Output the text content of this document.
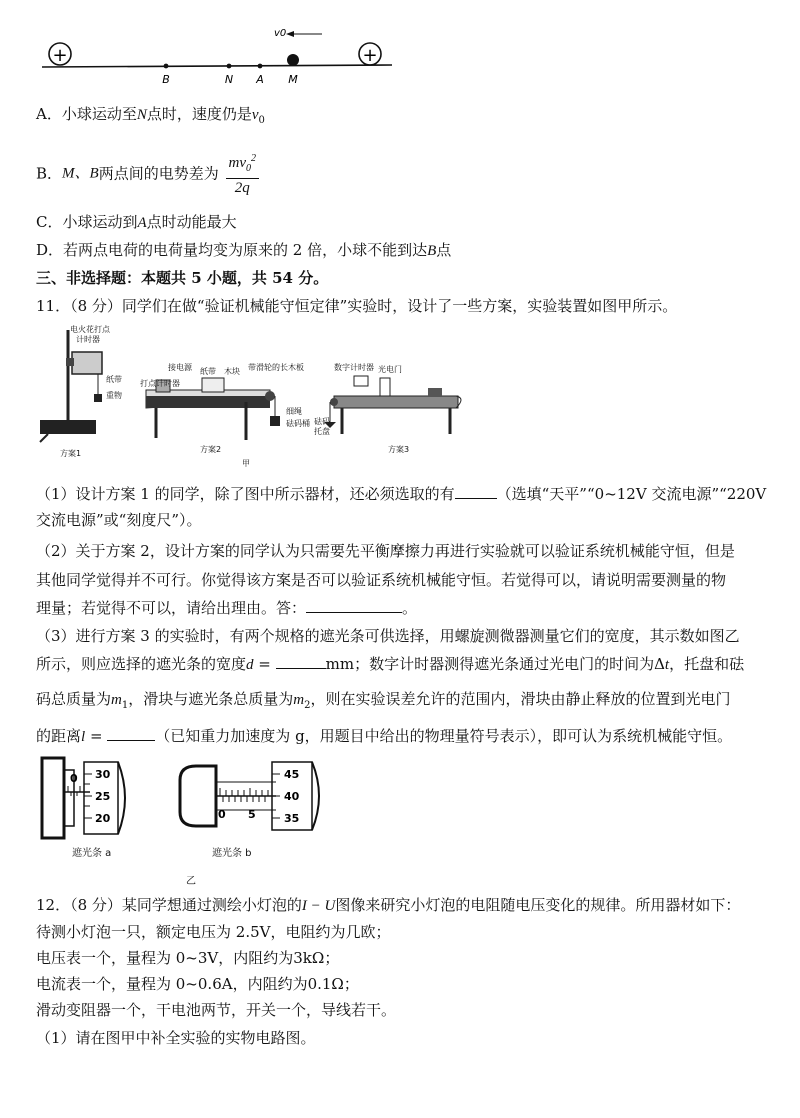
+	+
v0
B	N A M
A．小球运动至N点时，速度仍是$v_0$
B．M、B两点间的电势差为 $\frac{mv_0^2}{2q}$
C．小球运动到A点时动能最大
D．若两点电荷的电荷量均变为原来的 2 倍，小球不能到达B点
三、非选择题：本题共 5 小题，共 54 分。
11．（8 分）同学们在做“验证机械能守恒定律”实验时，设计了一些方案，实验装置如图甲所示。
电火花打点
计时器
纸带
重物
接电源 纸带 木块 带滑轮的长木板
打点计时器
细绳
砝码桶
数字计时器 光电门
砝码
托盘
方案1	方案2	方案3
甲
（1）设计方案 1 的同学，除了图中所示器材，还必须选取的有	（选填“天平”“0~12V 交流电源”“220V
交流电源”或“刻度尺”）。
（2）关于方案 2，设计方案的同学认为只需要先平衡摩擦力再进行实验就可以验证系统机械能守恒，但是
其他同学觉得并不可行。你觉得该方案是否可以验证系统机械能守恒。若觉得可以，请说明需要测量的物
理量；若觉得不可以，请给出理由。答：	。
（3）进行方案 3 的实验时，有两个规格的遮光条可供选择，用螺旋测微器测量它们的宽度，其示数如图乙
所示，则应选择的遮光条的宽度d =	mm；数字计时器测得遮光条通过光电门的时间为Δt，托盘和砝
码总质量为$m_1$，滑块与遮光条总质量为$m_2$，则在实验误差允许的范围内，滑块由静止释放的位置到光电门
的距离l =	（已知重力加速度为 g，用题目中给出的物理量符号表示），即可认为系统机械能守恒。
0 30
25
20	0 5
45
40
35
遮光条 a	遮光条 b
乙
12．（8 分）某同学想通过测绘小灯泡的I − U图像来研究小灯泡的电阻随电压变化的规律。所用器材如下：
待测小灯泡一只，额定电压为 2.5V，电阻约为几欧；
电压表一个，量程为 0~3V，内阻约为3kΩ；
电流表一个，量程为 0~0.6A，内阻约为0.1Ω；
滑动变阻器一个，干电池两节，开关一个，导线若干。
（1）请在图甲中补全实验的实物电路图。
